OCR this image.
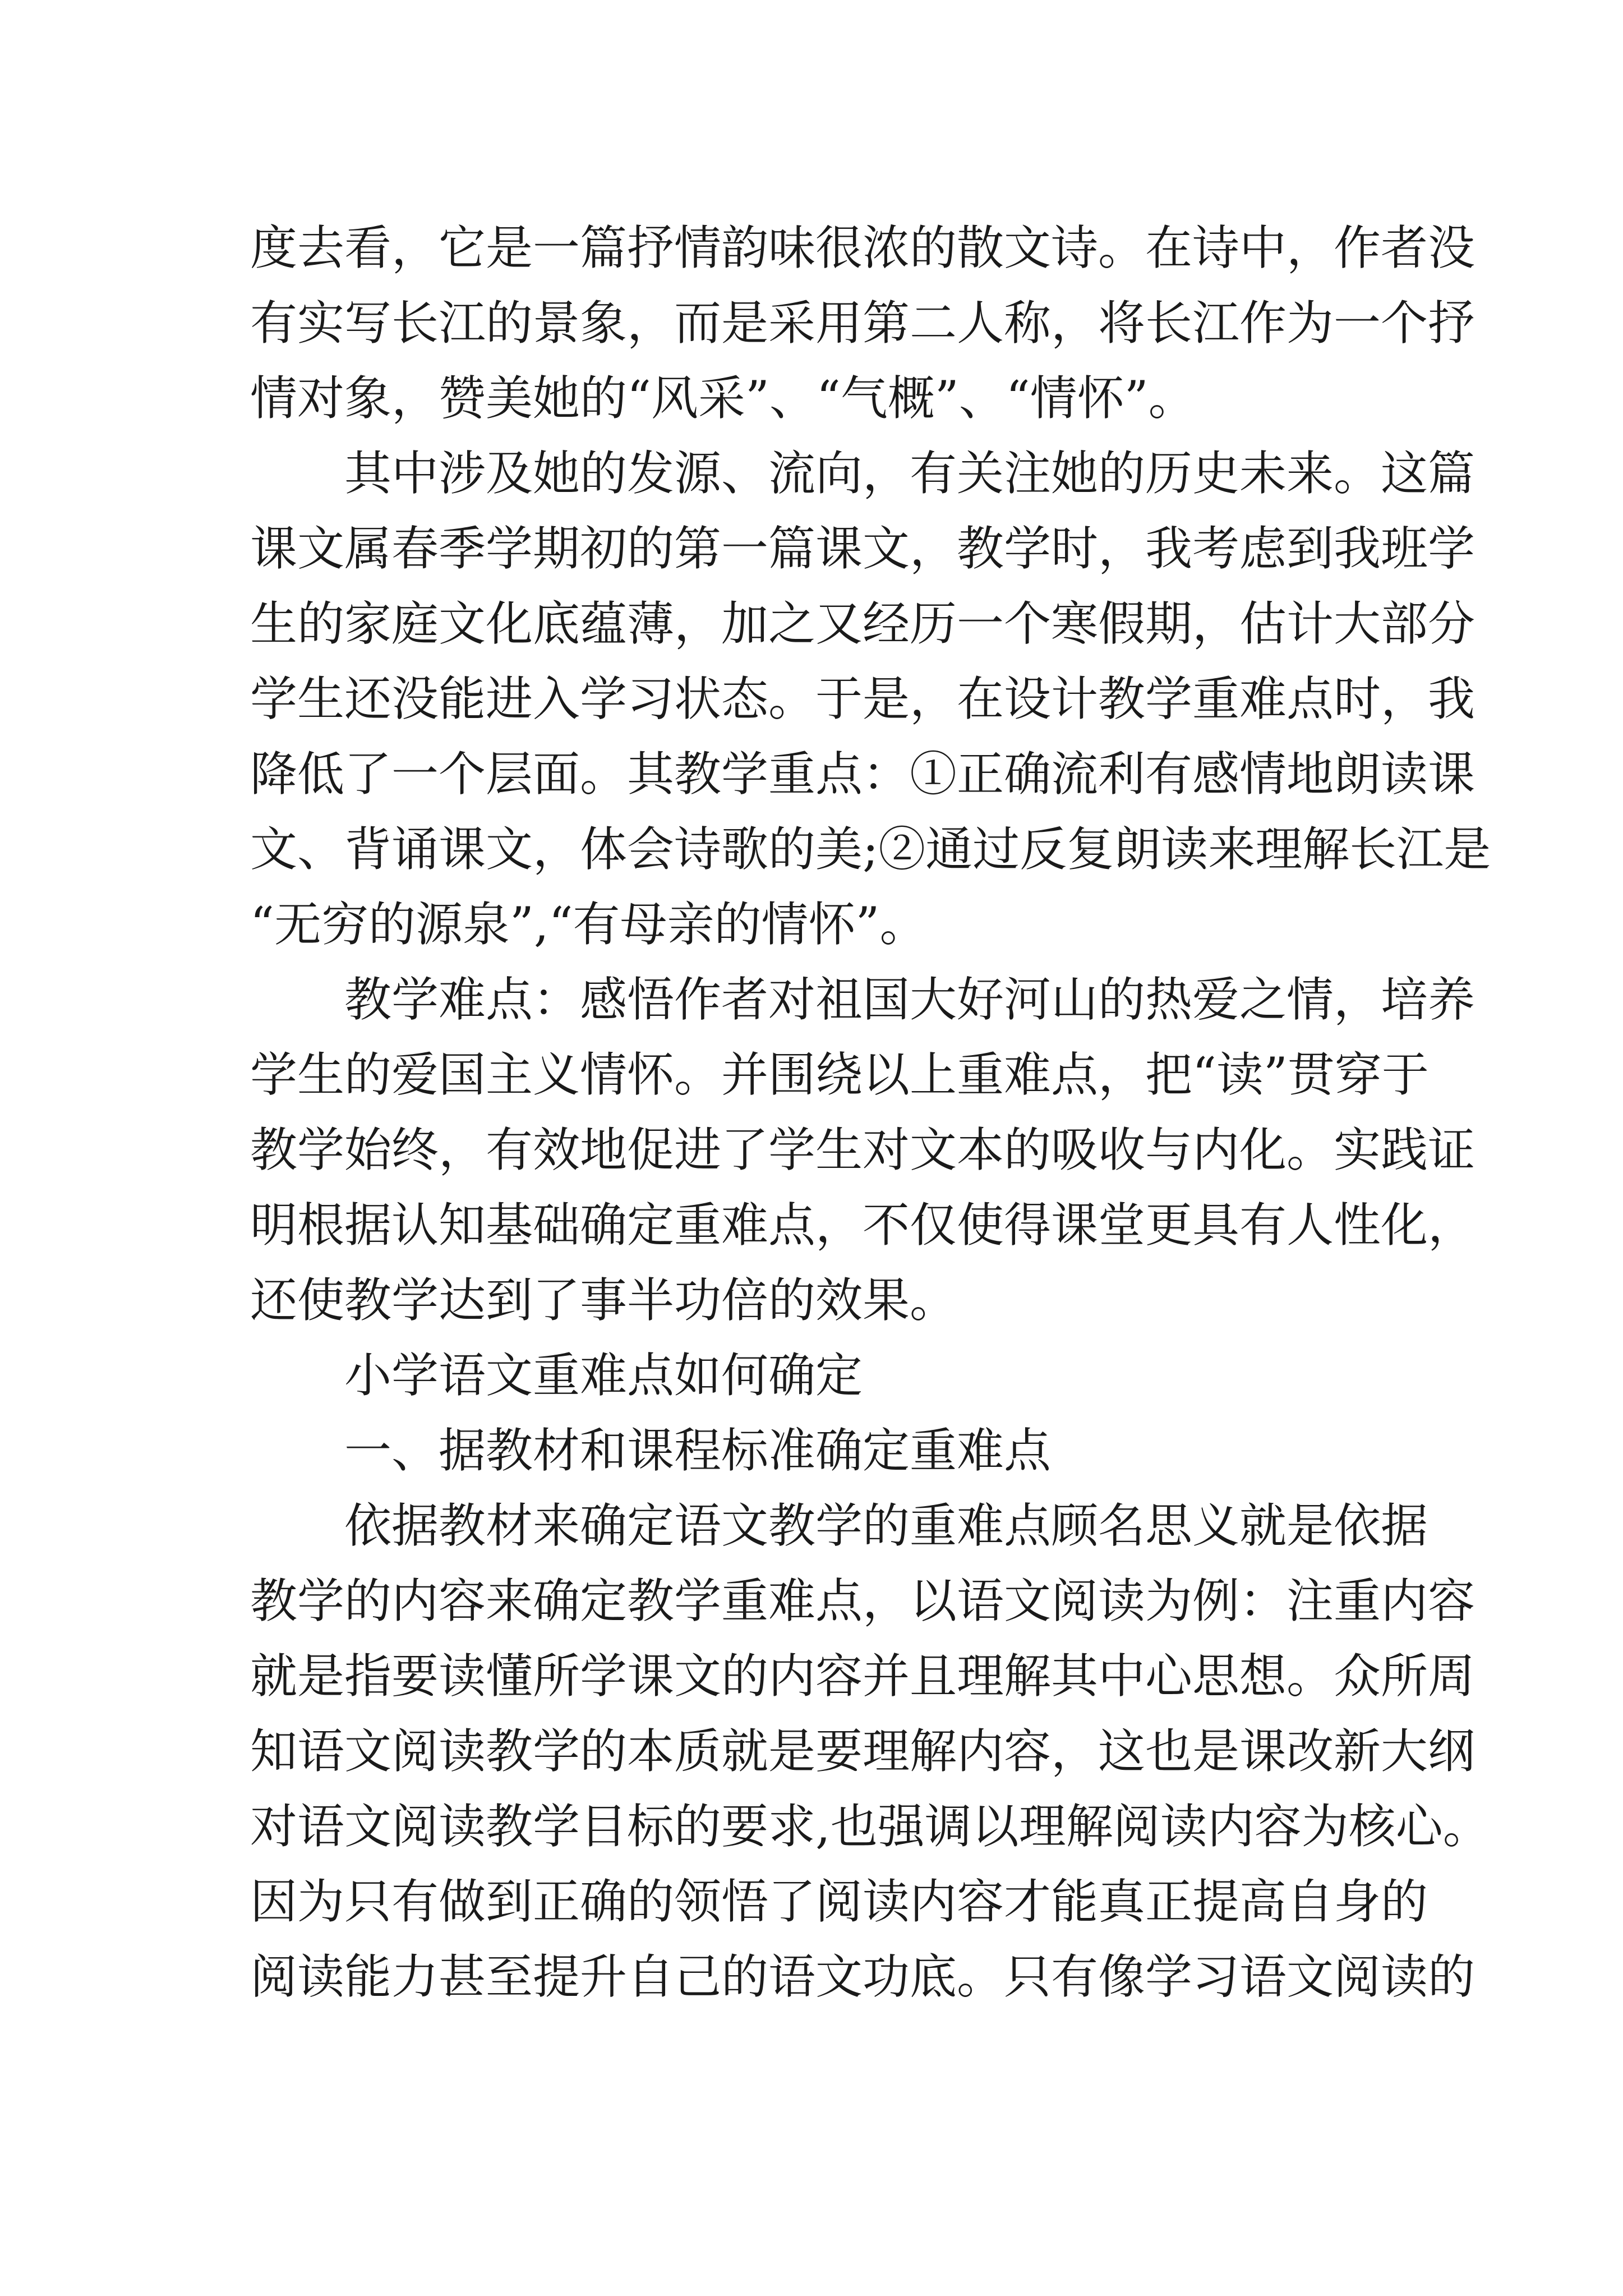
度去看，它是一篇抒情韵味很浓的散文诗。在诗中，作者没
有实写长江的景象，而是采用第二人称，将长江作为一个抒
情对象，赞美她的“风采”、“气概”、“情怀”。
其中涉及她的发源、流向，有关注她的历史未来。这篇
课文属春季学期初的第一篇课文，教学时，我考虑到我班学
生的家庭文化底蕴薄，加之又经历一个寒假期，估计大部分
学生还没能进入学习状态。于是，在设计教学重难点时，我
降低了一个层面。其教学重点：①正确流利有感情地朗读课
文、背诵课文，体会诗歌的美;②通过反复朗读来理解长江是
“无穷的源泉”,“有母亲的情怀”。
教学难点：感悟作者对祖国大好河山的热爱之情，培养
学生的爱国主义情怀。并围绕以上重难点，把“读”贯穿于
教学始终，有效地促进了学生对文本的吸收与内化。实践证
明根据认知基础确定重难点，不仅使得课堂更具有人性化，
还使教学达到了事半功倍的效果。
小学语文重难点如何确定
一、据教材和课程标准确定重难点
依据教材来确定语文教学的重难点顾名思义就是依据
教学的内容来确定教学重难点，以语文阅读为例：注重内容
就是指要读懂所学课文的内容并且理解其中心思想。众所周
知语文阅读教学的本质就是要理解内容，这也是课改新大纲
对语文阅读教学目标的要求,也强调以理解阅读内容为核心。
因为只有做到正确的领悟了阅读内容才能真正提高自身的
阅读能力甚至提升自己的语文功底。只有像学习语文阅读的
